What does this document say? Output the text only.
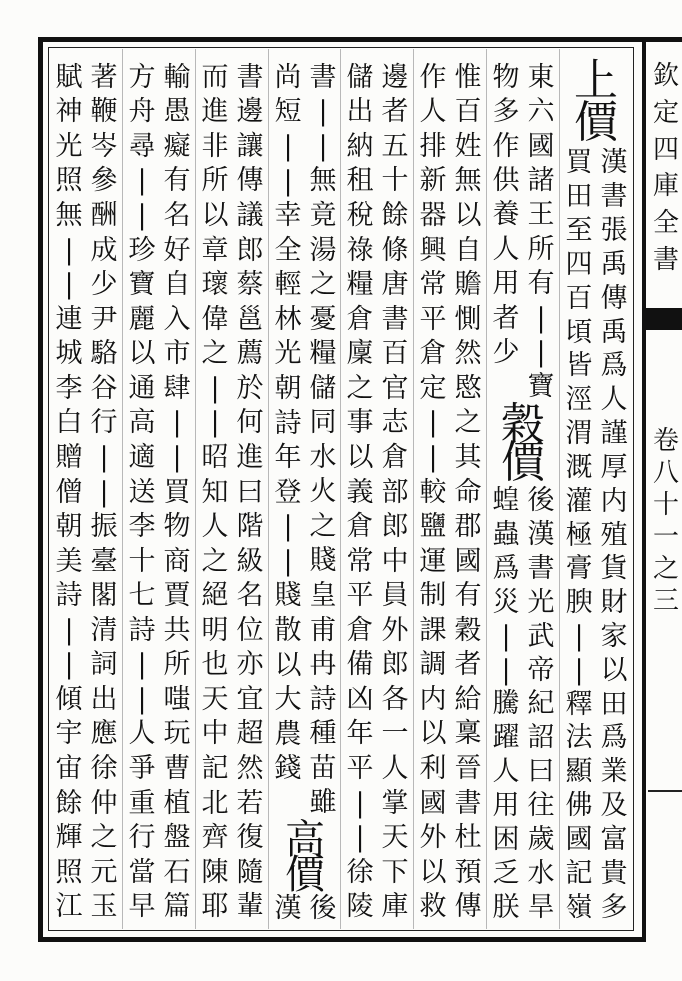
上
價
漢
書
張
禹
傳
禹
爲
人
謹
厚
内
殖
貨
財
家
以
田
爲
業
及
富
貴
多
買
田
至
四
百
頃
皆
涇
渭
溉
灌
極
膏
腴
|
|
釋
法
顯
佛
國
記
嶺
東
六
國
諸
王
所
有
|
|
寶
物
多
作
供
養
人
用
者
少
穀
價
後
漢
書
光
武
帝
紀
詔
曰
往
歲
水
旱
蝗
蟲
爲
災
|
|
騰
躍
人
用
困
乏
朕
惟
百
姓
無
以
自
贍
惻
然
愍
之
其
命
郡
國
有
穀
者
給
稟
晉
書
杜
預
傳
作
人
排
新
器
興
常
平
倉
定
|
|
較
鹽
運
制
課
調
内
以
利
國
外
以
救
邊
者
五
十
餘
條
唐
書
百
官
志
倉
部
郎
中
員
外
郎
各
一
人
掌
天
下
庫
儲
出
納
租
稅
祿
糧
倉
廩
之
事
以
義
倉
常
平
倉
備
凶
年
平
|
|
徐
陵
書
|
|
無
竟
湯
之
憂
糧
儲
同
水
火
之
賤
皇
甫
冉
詩
種
苗
雖
尚
短
|
|
幸
全
輕
林
光
朝
詩
年
登
|
|
賤
散
以
大
農
錢
高
價
後
漢
書
邊
讓
傳
議
郎
蔡
邕
薦
於
何
進
曰
階
級
名
位
亦
宜
超
然
若
復
隨
輩
而
進
非
所
以
章
瓌
偉
之
|
|
昭
知
人
之
絕
明
也
天
中
記
北
齊
陳
耶
輸
愚
癡
有
名
好
自
入
市
肆
|
|
買
物
商
賈
共
所
嗤
玩
曹
植
盤
石
篇
方
舟
尋
|
|
珍
寶
麗
以
通
高
適
送
李
十
七
詩
|
|
人
爭
重
行
當
早
著
鞭
岑
參
酬
成
少
尹
駱
谷
行
|
|
振
臺
閣
清
詞
出
應
徐
仲
之
元
玉
賦
神
光
照
無
|
|
連
城
李
白
贈
僧
朝
美
詩
|
|
傾
宇
宙
餘
輝
照
江
欽
定
四
庫
全
書
卷
八
十
一
之
三
